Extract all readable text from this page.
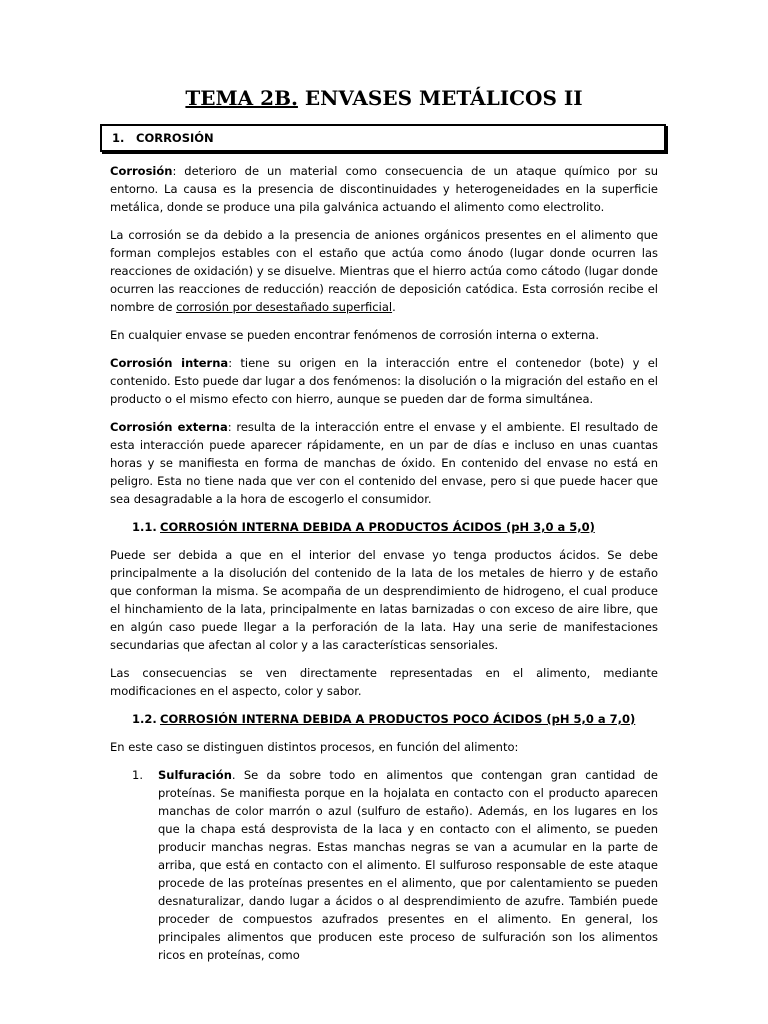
TEMA 2B. ENVASES METÁLICOS II
1. CORROSIÓN

Corrosión: deterioro de un material como consecuencia de un ataque químico por su entorno. La causa es la presencia de discontinuidades y heterogeneidades en la superficie metálica, donde se produce una pila galvánica actuando el alimento como electrolito.

La corrosión se da debido a la presencia de aniones orgánicos presentes en el alimento que forman complejos estables con el estaño que actúa como ánodo (lugar donde ocurren las reacciones de oxidación) y se disuelve. Mientras que el hierro actúa como cátodo (lugar donde ocurren las reacciones de reducción) reacción de deposición catódica. Esta corrosión recibe el nombre de corrosión por desestañado superficial.

En cualquier envase se pueden encontrar fenómenos de corrosión interna o externa.

Corrosión interna: tiene su origen en la interacción entre el contenedor (bote) y el contenido. Esto puede dar lugar a dos fenómenos: la disolución o la migración del estaño en el producto o el mismo efecto con hierro, aunque se pueden dar de forma simultánea.

Corrosión externa: resulta de la interacción entre el envase y el ambiente. El resultado de esta interacción puede aparecer rápidamente, en un par de días e incluso en unas cuantas horas y se manifiesta en forma de manchas de óxido. En contenido del envase no está en peligro. Esta no tiene nada que ver con el contenido del envase, pero si que puede hacer que sea desagradable a la hora de escogerlo el consumidor.

1.1. CORROSIÓN INTERNA DEBIDA A PRODUCTOS ÁCIDOS (pH 3,0 a 5,0)

Puede ser debida a que en el interior del envase yo tenga productos ácidos. Se debe principalmente a la disolución del contenido de la lata de los metales de hierro y de estaño que conforman la misma. Se acompaña de un desprendimiento de hidrogeno, el cual produce el hinchamiento de la lata, principalmente en latas barnizadas o con exceso de aire libre, que en algún caso puede llegar a la perforación de la lata. Hay una serie de manifestaciones secundarias que afectan al color y a las características sensoriales.

Las consecuencias se ven directamente representadas en el alimento, mediante modificaciones en el aspecto, color y sabor.

1.2. CORROSIÓN INTERNA DEBIDA A PRODUCTOS POCO ÁCIDOS (pH 5,0 a 7,0)

En este caso se distinguen distintos procesos, en función del alimento:

1.	Sulfuración. Se da sobre todo en alimentos que contengan gran cantidad de proteínas. Se manifiesta porque en la hojalata en contacto con el producto aparecen manchas de color marrón o azul (sulfuro de estaño). Además, en los lugares en los que la chapa está desprovista de la laca y en contacto con el alimento, se pueden producir manchas negras. Estas manchas negras se van a acumular en la parte de arriba, que está en contacto con el alimento. El sulfuroso responsable de este ataque procede de las proteínas presentes en el alimento, que por calentamiento se pueden desnaturalizar, dando lugar a ácidos o al desprendimiento de azufre. También puede proceder de compuestos azufrados presentes en el alimento. En general, los principales alimentos que producen este proceso de sulfuración son los alimentos ricos en proteínas, como
